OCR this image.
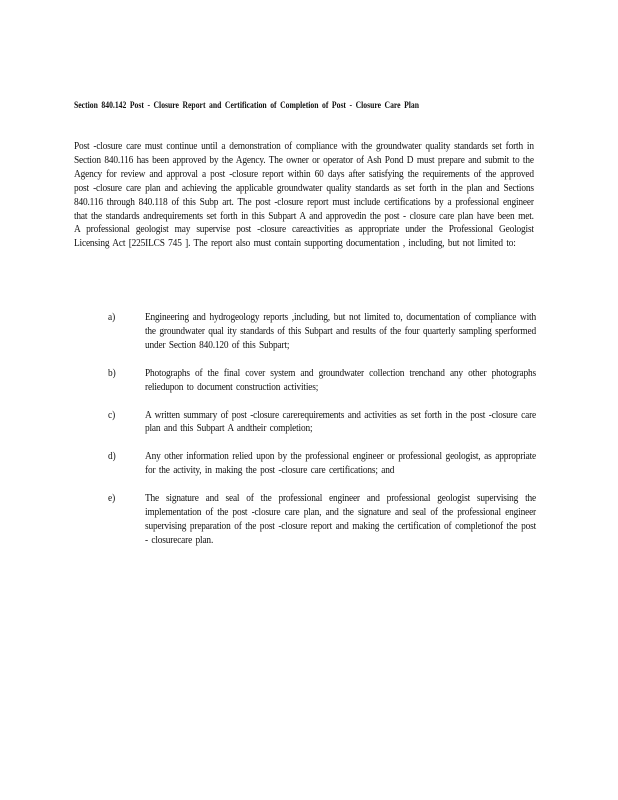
Section 840.142 Post - Closure Report and Certification of Completion of Post - Closure Care Plan

Post -closure care must continue until a demonstration of compliance with the groundwater quality standards set forth in Section 840.116 has been approved by the Agency. The owner or operator of Ash Pond D must prepare and submit to the Agency for review and approval a post -closure report within 60 days after satisfying the requirements of the approved post -closure care plan and achieving the applicable groundwater quality standards as set forth in the plan and Sections 840.116 through 840.118 of this Subp art. The post -closure report must include certifications by a professional engineer that the standards andrequirements set forth in this Subpart A and approvedin the post - closure care plan have been met. A professional geologist may supervise post -closure careactivities as appropriate under the Professional Geologist Licensing Act [225ILCS 745 ]. The report also must contain supporting documentation , including, but not limited to:

a)	Engineering and hydrogeology reports ,including, but not limited to, documentation of compliance with the groundwater qual ity standards of this Subpart and results of the four quarterly sampling sperformed under Section 840.120 of this Subpart;
b)	Photographs of the final cover system and groundwater collection trenchand any other photographs reliedupon to document construction activities;
c)	A written summary of post -closure carerequirements and activities as set forth in the post -closure care plan and this Subpart A andtheir completion;
d)	Any other information relied upon by the professional engineer or professional geologist, as appropriate for the activity, in making the post -closure care certifications; and
e)	The signature and seal of the professional engineer and professional geologist supervising the implementation of the post -closure care plan, and the signature and seal of the professional engineer supervising preparation of the post -closure report and making the certification of completionof the post - closurecare plan.
